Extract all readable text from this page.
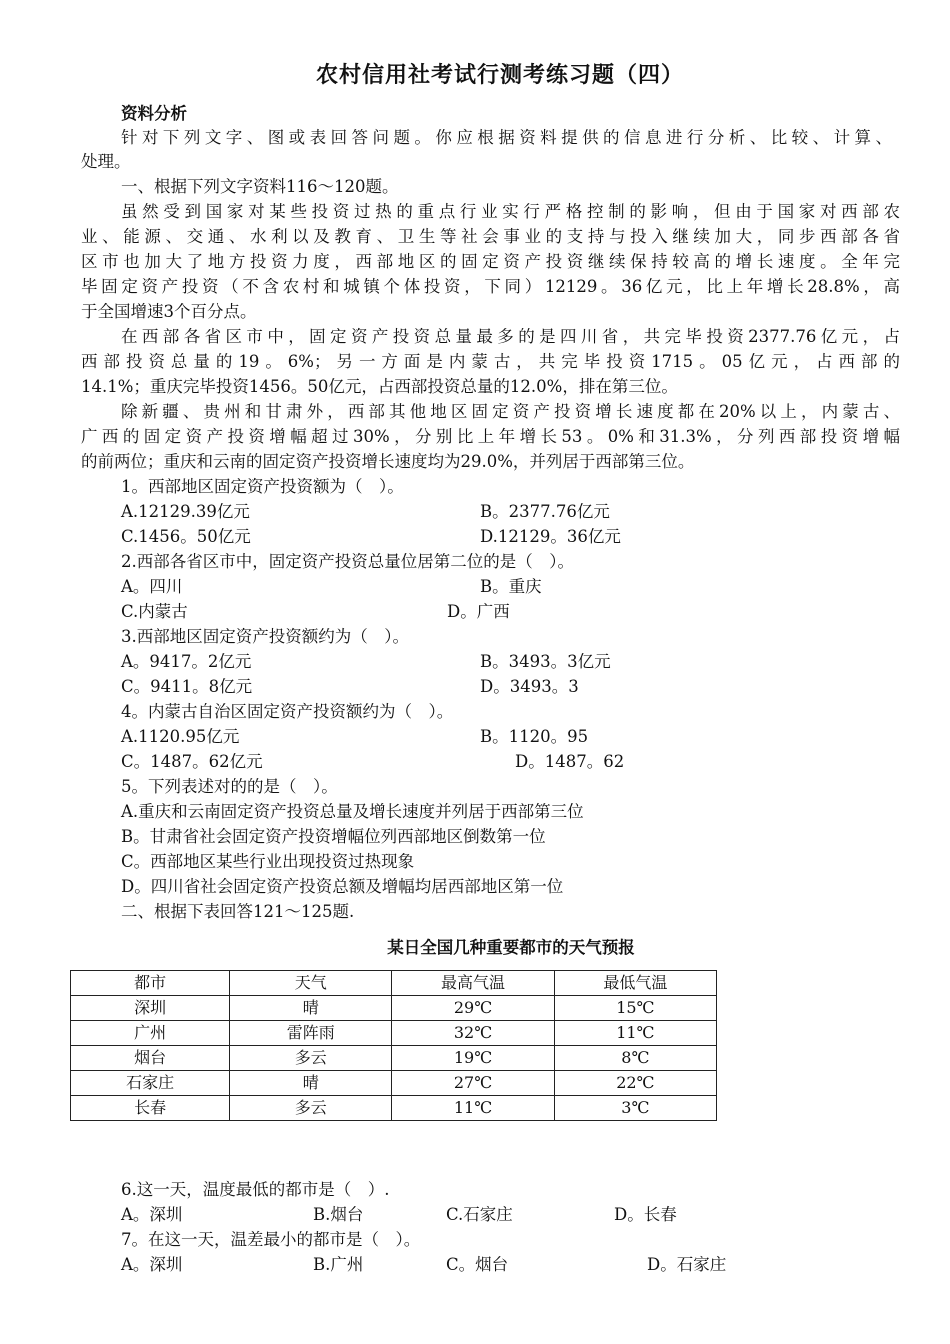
农村信用社考试行测考练习题（四）
资料分析
针对下列文字、图或表回答问题。你应根据资料提供的信息进行分析、比较、计算、
处理。
一、根据下列文字资料116～120题。
虽然受到国家对某些投资过热的重点行业实行严格控制的影响，但由于国家对西部农
业、能源、交通、水利以及教育、卫生等社会事业的支持与投入继续加大，同步西部各省
区市也加大了地方投资力度，西部地区的固定资产投资继续保持较高的增长速度。全年完
毕固定资产投资（不含农村和城镇个体投资，下同）12129。36亿元，比上年增长28.8%，高
于全国增速3个百分点。
在西部各省区市中，固定资产投资总量最多的是四川省，共完毕投资2377.76亿元，占
西部投资总量的19。6%；另一方面是内蒙古，共完毕投资1715。05亿元，占西部的
14.1%；重庆完毕投资1456。50亿元，占西部投资总量的12.0%，排在第三位。
除新疆、贵州和甘肃外，西部其他地区固定资产投资增长速度都在20%以上，内蒙古、
广西的固定资产投资增幅超过30%，分别比上年增长53。0%和31.3%，分列西部投资增幅
的前两位；重庆和云南的固定资产投资增长速度均为29.0%，并列居于西部第三位。
1。西部地区固定资产投资额为（　）。
A.12129.39亿元	B。2377.76亿元
C.1456。50亿元	D.12129。36亿元
2.西部各省区市中，固定资产投资总量位居第二位的是（　）。
A。四川	B。重庆
C.内蒙古	D。广西
3.西部地区固定资产投资额约为（　）。
A。9417。2亿元	B。3493。3亿元
C。9411。8亿元	D。3493。3
4。内蒙古自治区固定资产投资额约为（　）。
A.1120.95亿元	B。1120。95
C。1487。62亿元	D。1487。62
5。下列表述对的的是（　）。
A.重庆和云南固定资产投资总量及增长速度并列居于西部第三位
B。甘肃省社会固定资产投资增幅位列西部地区倒数第一位
C。西部地区某些行业出现投资过热现象
D。四川省社会固定资产投资总额及增幅均居西部地区第一位
二、根据下表回答121～125题.
某日全国几种重要都市的天气预报
都市	天气	最高气温	最低气温
深圳	晴	29℃	15℃
广州	雷阵雨	32℃	11℃
烟台	多云	19℃	8℃
石家庄	晴	27℃	22℃
长春	多云	11℃	3℃
6.这一天，温度最低的都市是（　）.
A。深圳	B.烟台	C.石家庄	D。长春
7。在这一天，温差最小的都市是（　）。
A。深圳	B.广州	C。烟台	D。石家庄
